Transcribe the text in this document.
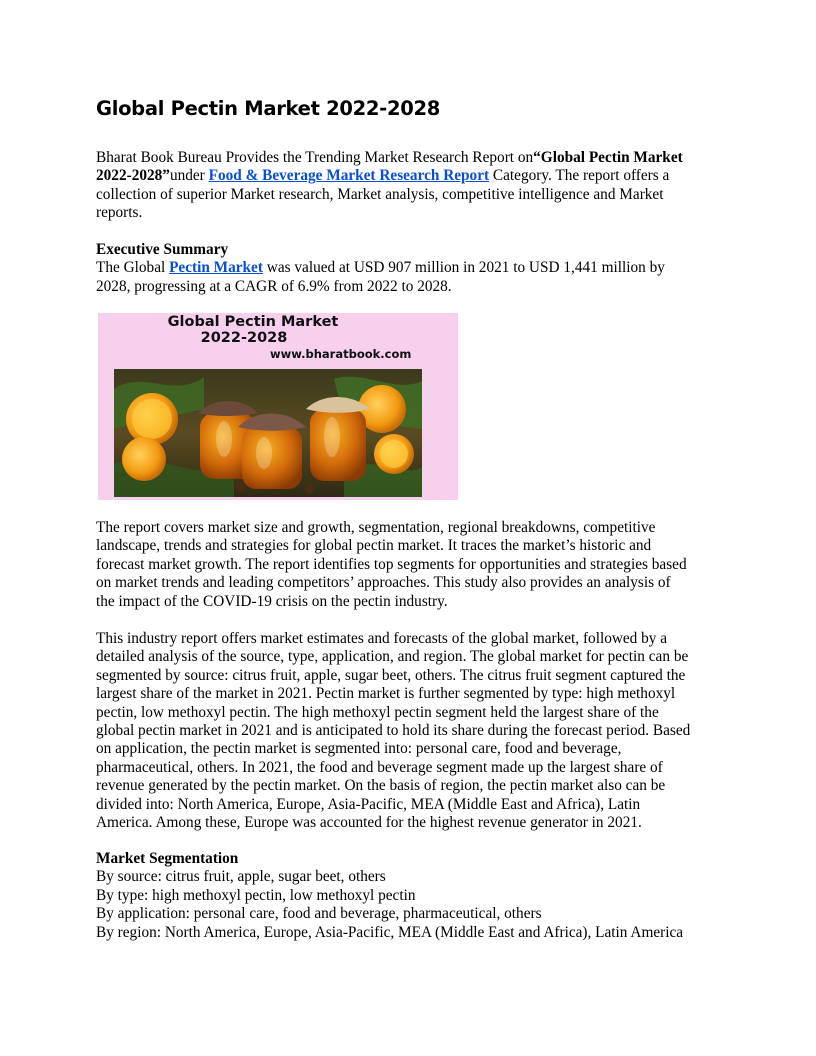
Global Pectin Market 2022-2028

Bharat Book Bureau Provides the Trending Market Research Report on“Global Pectin Market
2022-2028”under Food & Beverage Market Research Report Category. The report offers a
collection of superior Market research, Market analysis, competitive intelligence and Market
reports.

Executive Summary
The Global Pectin Market was valued at USD 907 million in 2021 to USD 1,441 million by
2028, progressing at a CAGR of 6.9% from 2022 to 2028.
Global Pectin Market
2022-2028
www.bharatbook.com

The report covers market size and growth, segmentation, regional breakdowns, competitive
landscape, trends and strategies for global pectin market. It traces the market’s historic and
forecast market growth. The report identifies top segments for opportunities and strategies based
on market trends and leading competitors’ approaches. This study also provides an analysis of
the impact of the COVID-19 crisis on the pectin industry.

This industry report offers market estimates and forecasts of the global market, followed by a
detailed analysis of the source, type, application, and region. The global market for pectin can be
segmented by source: citrus fruit, apple, sugar beet, others. The citrus fruit segment captured the
largest share of the market in 2021. Pectin market is further segmented by type: high methoxyl
pectin, low methoxyl pectin. The high methoxyl pectin segment held the largest share of the
global pectin market in 2021 and is anticipated to hold its share during the forecast period. Based
on application, the pectin market is segmented into: personal care, food and beverage,
pharmaceutical, others. In 2021, the food and beverage segment made up the largest share of
revenue generated by the pectin market. On the basis of region, the pectin market also can be
divided into: North America, Europe, Asia-Pacific, MEA (Middle East and Africa), Latin
America. Among these, Europe was accounted for the highest revenue generator in 2021.

Market Segmentation
By source: citrus fruit, apple, sugar beet, others
By type: high methoxyl pectin, low methoxyl pectin
By application: personal care, food and beverage, pharmaceutical, others
By region: North America, Europe, Asia-Pacific, MEA (Middle East and Africa), Latin America
